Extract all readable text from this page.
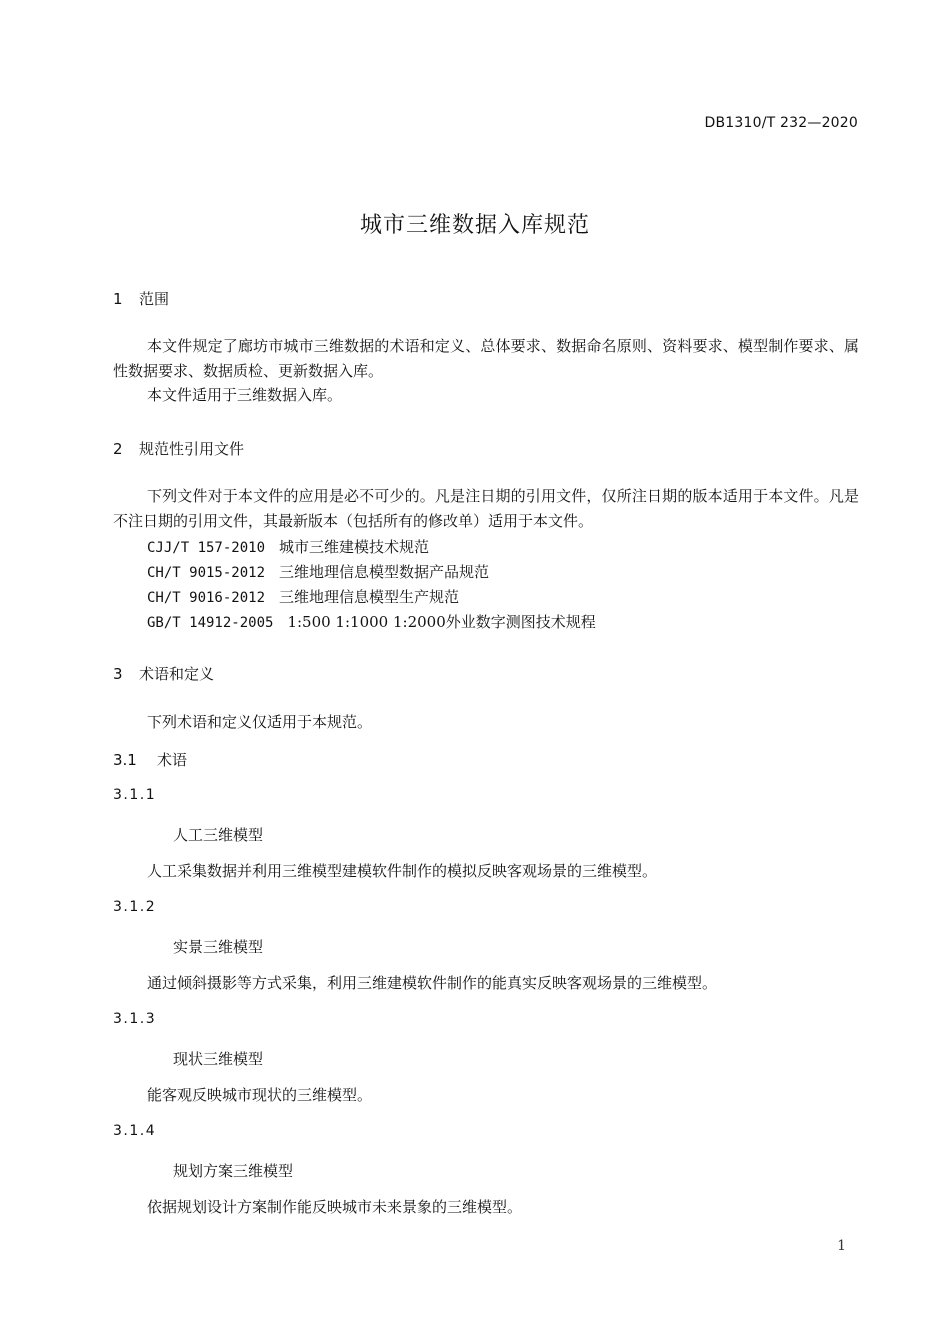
DB1310/T 232—2020
城市三维数据入库规范
1 范围
本文件规定了廊坊市城市三维数据的术语和定义、总体要求、数据命名原则、资料要求、模型制作要求、属性数据要求、数据质检、更新数据入库。
本文件适用于三维数据入库。
2 规范性引用文件
下列文件对于本文件的应用是必不可少的。凡是注日期的引用文件，仅所注日期的版本适用于本文件。凡是不注日期的引用文件，其最新版本（包括所有的修改单）适用于本文件。
CJJ/T 157-2010 城市三维建模技术规范
CH/T 9015-2012 三维地理信息模型数据产品规范
CH/T 9016-2012 三维地理信息模型生产规范
GB/T 14912-2005 1:500 1:1000 1:2000外业数字测图技术规程
3 术语和定义
下列术语和定义仅适用于本规范。
3.1 术语
3.1.1
人工三维模型
人工采集数据并利用三维模型建模软件制作的模拟反映客观场景的三维模型。
3.1.2
实景三维模型
通过倾斜摄影等方式采集，利用三维建模软件制作的能真实反映客观场景的三维模型。
3.1.3
现状三维模型
能客观反映城市现状的三维模型。
3.1.4
规划方案三维模型
依据规划设计方案制作能反映城市未来景象的三维模型。
1
